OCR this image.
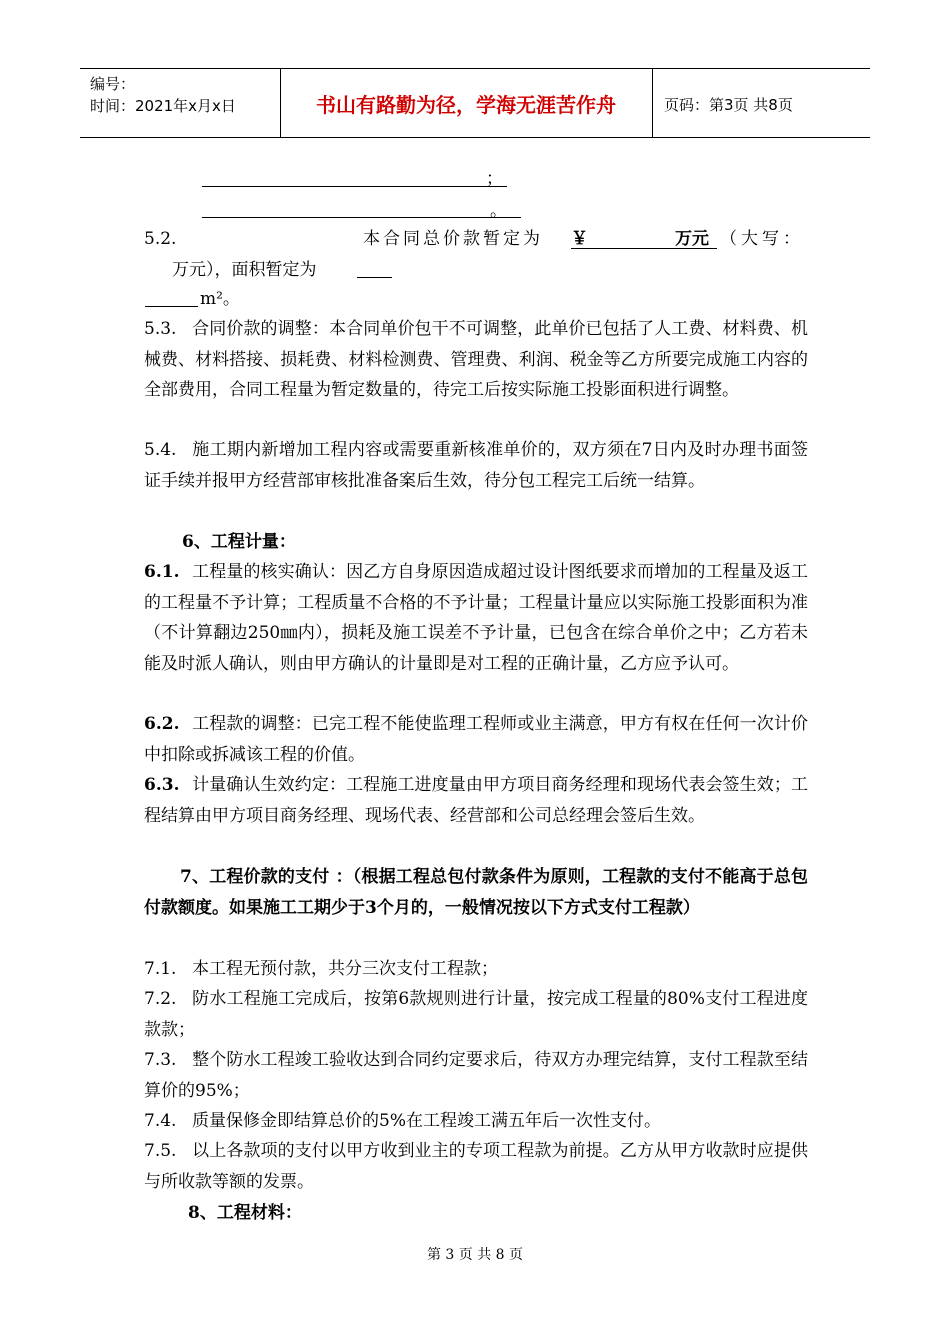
编号：
时间：2021年x月x日	书山有路勤为径，学海无涯苦作舟	页码：第3页 共8页
；
。
5.2.	本合同总价款暂定为 ￥	万元 （大写：
万元），面积暂定为
m²。
5.3. 合同价款的调整：本合同单价包干不可调整，此单价已包括了人工费、材料费、机械费、材料搭接、损耗费、材料检测费、管理费、利润、税金等乙方所要完成施工内容的全部费用，合同工程量为暂定数量的，待完工后按实际施工投影面积进行调整。
5.4. 施工期内新增加工程内容或需要重新核准单价的，双方须在7日内及时办理书面签证手续并报甲方经营部审核批准备案后生效，待分包工程完工后统一结算。
6、工程计量：
6.1. 工程量的核实确认：因乙方自身原因造成超过设计图纸要求而增加的工程量及返工的工程量不予计算；工程质量不合格的不予计量；工程量计量应以实际施工投影面积为准（不计算翻边250㎜内），损耗及施工误差不予计量，已包含在综合单价之中；乙方若未能及时派人确认，则由甲方确认的计量即是对工程的正确计量，乙方应予认可。
6.2. 工程款的调整：已完工程不能使监理工程师或业主满意，甲方有权在任何一次计价中扣除或拆减该工程的价值。
6.3. 计量确认生效约定：工程施工进度量由甲方项目商务经理和现场代表会签生效；工程结算由甲方项目商务经理、现场代表、经营部和公司总经理会签后生效。
7、工程价款的支付 ：（根据工程总包付款条件为原则，工程款的支付不能高于总包付款额度。如果施工工期少于3个月的，一般情况按以下方式支付工程款）
7.1. 本工程无预付款，共分三次支付工程款；
7.2. 防水工程施工完成后，按第6款规则进行计量，按完成工程量的80%支付工程进度款款；
7.3. 整个防水工程竣工验收达到合同约定要求后，待双方办理完结算，支付工程款至结算价的95%；
7.4. 质量保修金即结算总价的5%在工程竣工满五年后一次性支付。
7.5. 以上各款项的支付以甲方收到业主的专项工程款为前提。乙方从甲方收款时应提供与所收款等额的发票。
8、工程材料：
第 3 页 共 8 页
